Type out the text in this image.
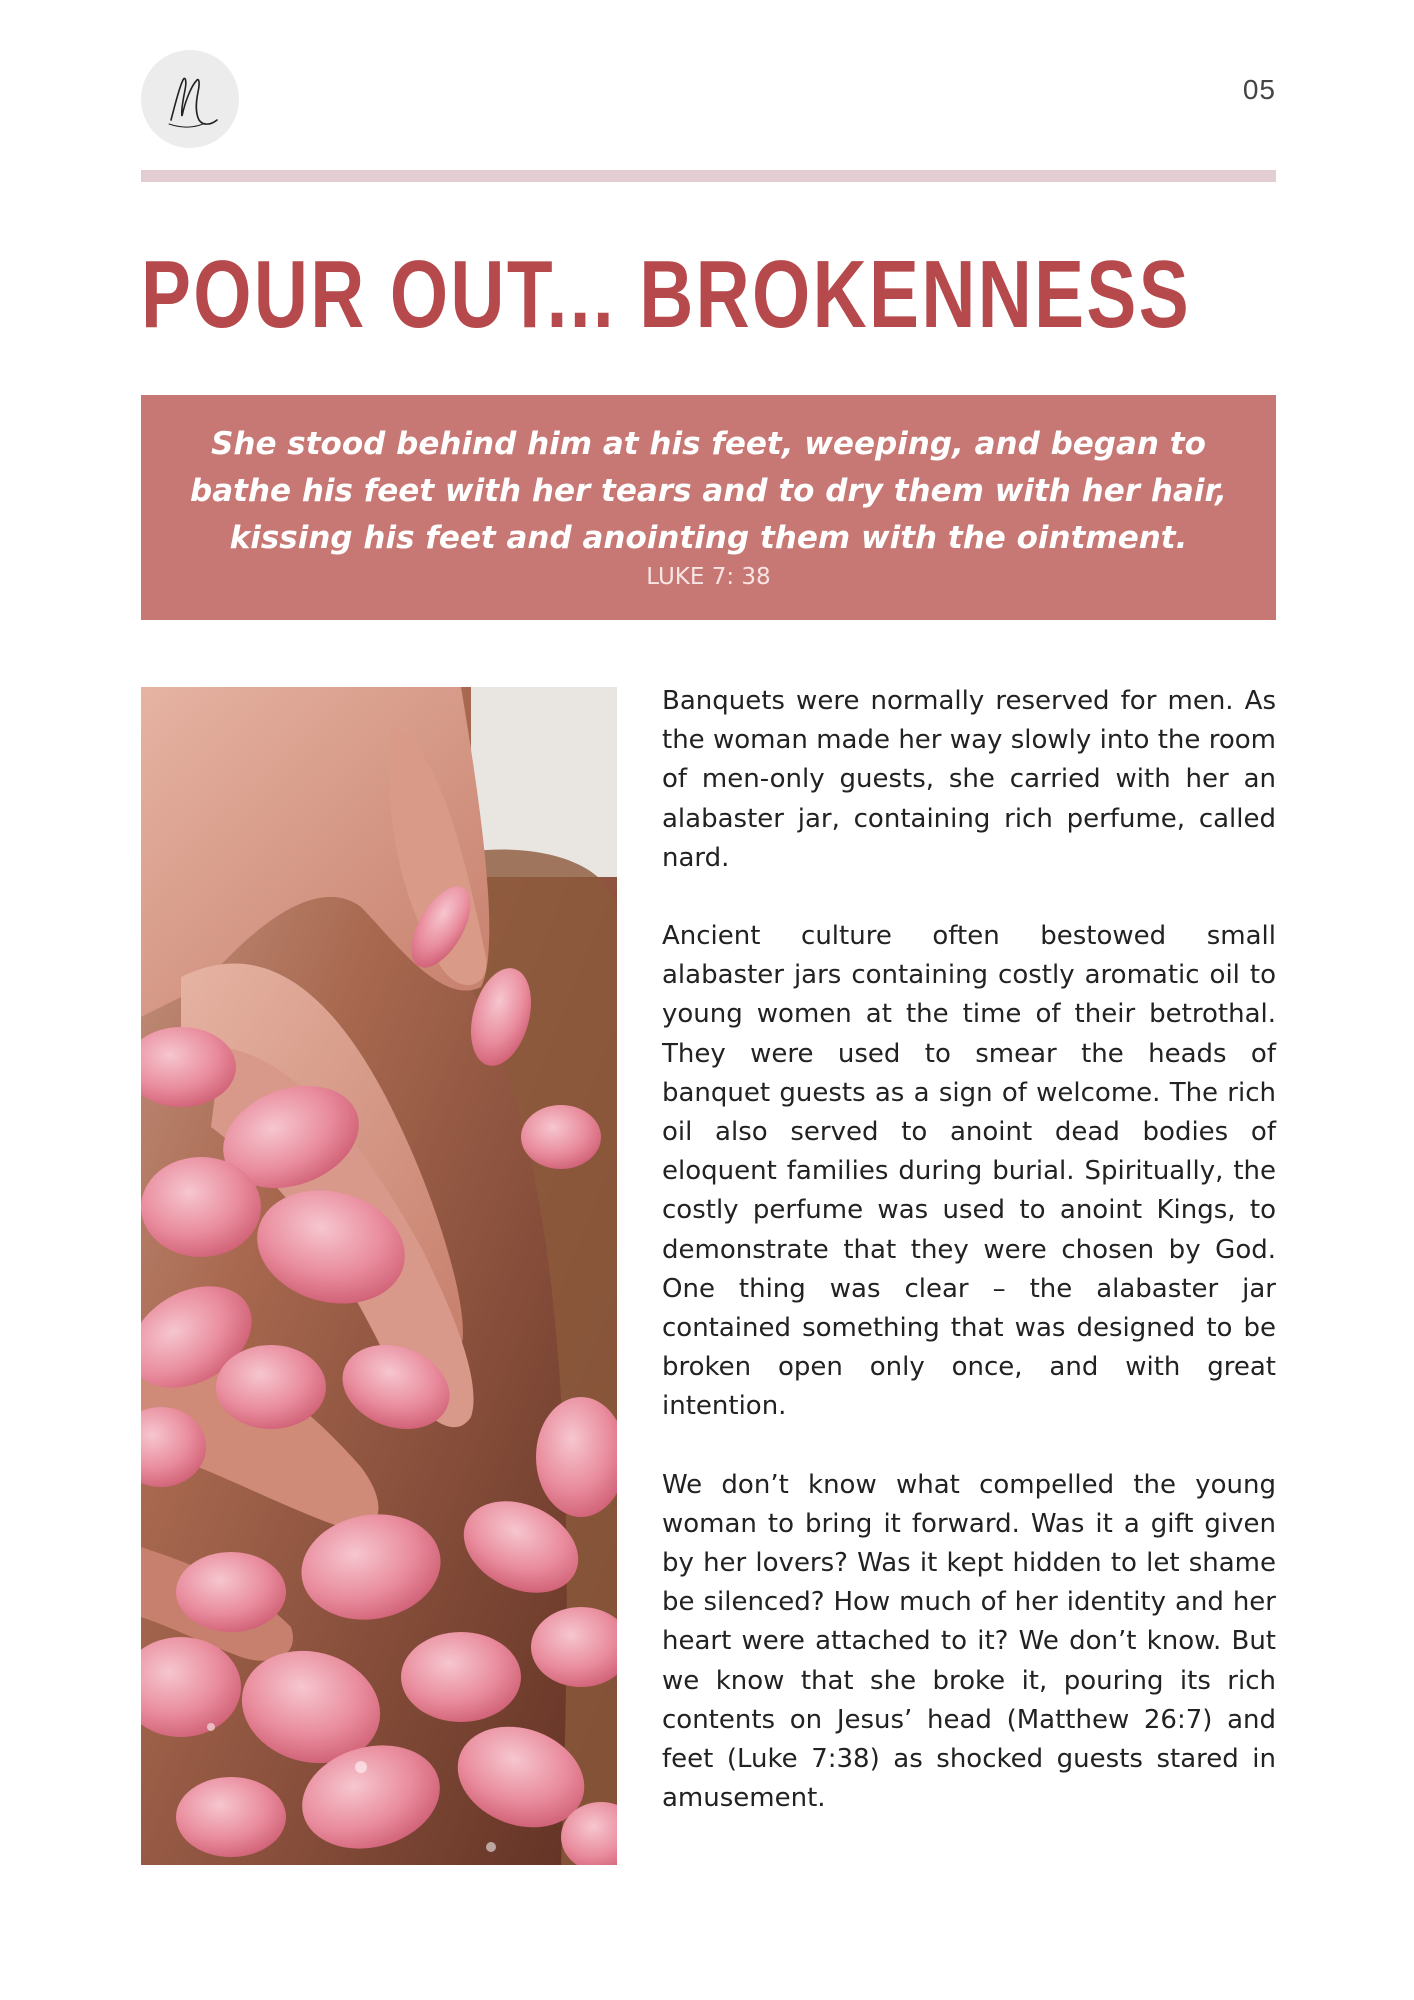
05
POUR OUT... BROKENNESS

She stood behind him at his feet, weeping, and began to bathe his feet with her tears and to dry them with her hair, kissing his feet and anointing them with the ointment.

LUKE 7: 38

Banquets were normally reserved for men. As the woman made her way slowly into the room of men-only guests, she carried with her an alabaster jar, containing rich perfume, called nard.

Ancient culture often bestowed small alabaster jars containing costly aromatic oil to young women at the time of their betrothal. They were used to smear the heads of banquet guests as a sign of welcome. The rich oil also served to anoint dead bodies of eloquent families during burial. Spiritually, the costly perfume was used to anoint Kings, to demonstrate that they were chosen by God. One thing was clear – the alabaster jar contained something that was designed to be broken open only once, and with great intention.

We don’t know what compelled the young woman to bring it forward. Was it a gift given by her lovers? Was it kept hidden to let shame be silenced? How much of her identity and her heart were attached to it? We don’t know. But we know that she broke it, pouring its rich contents on Jesus’ head (Matthew 26:7) and feet (Luke 7:38) as shocked guests stared in amusement.
